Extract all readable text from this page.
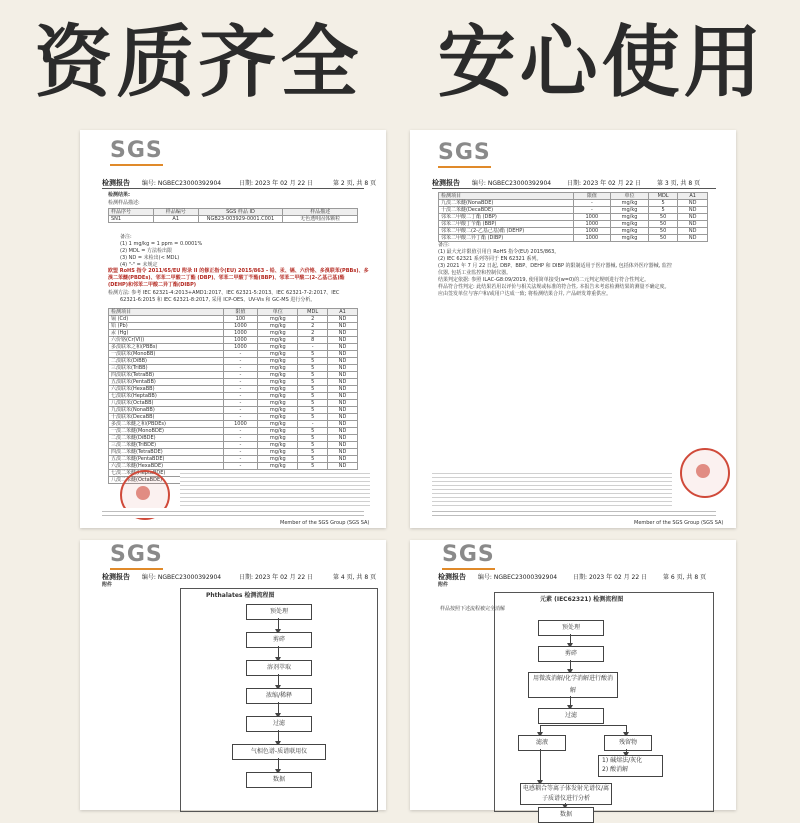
资质齐全 安心使用
SGS
检测报告 编号: NGBEC23000392904	日期: 2023 年 02 月 22 日	第 2 页, 共 8 页
检测结果:
检测样品描述:
样品序号	样品编号	SGS 样品 ID	样品描述
SN1	A1	NGB23-003929-0001.C001	无色透明固体颗粒
备注:
(1) 1 mg/kg = 1 ppm = 0.0001%
(2) MDL = 方法检出限
(3) ND = 未检出(< MDL)
(4) "-" = 未规定
欧盟 RoHS 指令 2011/65/EU 附录 II 的修正指令(EU) 2015/863 - 铅、汞、镉、六价铬、多溴联苯(PBBs)、多
溴二苯醚(PBDEs)、邻苯二甲酸二丁酯 (DBP)、邻苯二甲酸丁苄酯(BBP)、邻苯二甲酸二(2-乙基己基)酯
(DEHP)和邻苯二甲酸二异丁酯(DIBP)
检测方法: 参考 IEC 62321-4:2013+AMD1:2017、IEC 62321-5:2013、IEC 62321-7-2:2017、IEC
62321-6:2015 和 IEC 62321-8:2017, 采用 ICP-OES、UV-Vis 和 GC-MS 进行分析。
检测项目	限值	单位	MDL	A1
镉 (Cd)	100	mg/kg	2	ND
铅 (Pb)	1000	mg/kg	2	ND
汞 (Hg)	1000	mg/kg	2	ND
六价铬(Cr(VI))	1000	mg/kg	8	ND
多溴联苯之和(PBBs)	1000	mg/kg	-	ND
一溴联苯(MonoBB)	-	mg/kg	5	ND
二溴联苯(DiBB)	-	mg/kg	5	ND
三溴联苯(TriBB)	-	mg/kg	5	ND
四溴联苯(TetraBB)	-	mg/kg	5	ND
五溴联苯(PentaBB)	-	mg/kg	5	ND
六溴联苯(HexaBB)	-	mg/kg	5	ND
七溴联苯(HeptaBB)	-	mg/kg	5	ND
八溴联苯(OctaBB)	-	mg/kg	5	ND
九溴联苯(NonaBB)	-	mg/kg	5	ND
十溴联苯(DecaBB)	-	mg/kg	5	ND
多溴二苯醚之和(PBDEs)	1000	mg/kg	-	ND
一溴二苯醚(MonoBDE)	-	mg/kg	5	ND
二溴二苯醚(DiBDE)	-	mg/kg	5	ND
三溴二苯醚(TriBDE)	-	mg/kg	5	ND
四溴二苯醚(TetraBDE)	-	mg/kg	5	ND
五溴二苯醚(PentaBDE)	-	mg/kg	5	ND
六溴二苯醚(HexaBDE)	-	mg/kg	5	ND
七溴二苯醚(HeptaBDE)				
八溴二苯醚(OctaBDE)				
Member of the SGS Group (SGS SA)
SGS
检测报告 编号: NGBEC23000392904	日期: 2023 年 02 月 22 日	第 3 页, 共 8 页
检测项目	限值	单位	MDL	A1
九溴二苯醚(NonaBDE)	-	mg/kg	5	ND
十溴二苯醚(DecaBDE)	-	mg/kg	5	ND
邻苯二甲酸二丁酯 (DBP)	1000	mg/kg	50	ND
邻苯二甲酸丁苄酯 (BBP)	1000	mg/kg	50	ND
邻苯二甲酸二(2-乙基己基)酯 (DEHP)	1000	mg/kg	50	ND
邻苯二甲酸二异丁酯 (DIBP)	1000	mg/kg	50	ND
备注:
(1) 最大允许限值引用自 RoHS 指令(EU) 2015/863。
(2) IEC 62321 系列等同于 EN 62321 系列。
(3) 2021 年 7 月 22 日起, DBP、BBP、DEHP 和 DIBP 的限制适用于医疗器械, 包括体外医疗器械, 监控
仪器, 包括工业监控和控制仪器。
结果判定依据: 参照 ILAC-G8:09/2019, 使用简单接受(w=0)的二元判定规则进行符合性判定。
样品符合性判定: 此结果若用以评价与相关法规或标准的符合性, 本报告未考虑检测结果的测量不确定度。
应由签发单位与客户和/或用户达成一致; 将检测结果合并, 产品研发尊重供应。
Member of the SGS Group (SGS SA)
SGS
检测报告 编号: NGBEC23000392904	日期: 2023 年 02 月 22 日	第 4 页, 共 8 页
附件
Phthalates 检测流程图
预处理
剪碎
溶剂萃取
浓缩/稀释
过滤
气相色谱-质谱联用仪
数据
SGS
检测报告 编号: NGBEC23000392904	日期: 2023 年 02 月 22 日	第 6 页, 共 8 页
附件
元素 (IEC62321) 检测流程图
样品按照下述流程被完全消解
预处理
剪碎
用微波消解/化学消解进行酸消解
过滤
滤液	残留物
1) 碱熔法/灰化
2) 酸消解
电感耦合等离子体发射光谱仪/离子质谱仪进行分析
数据
